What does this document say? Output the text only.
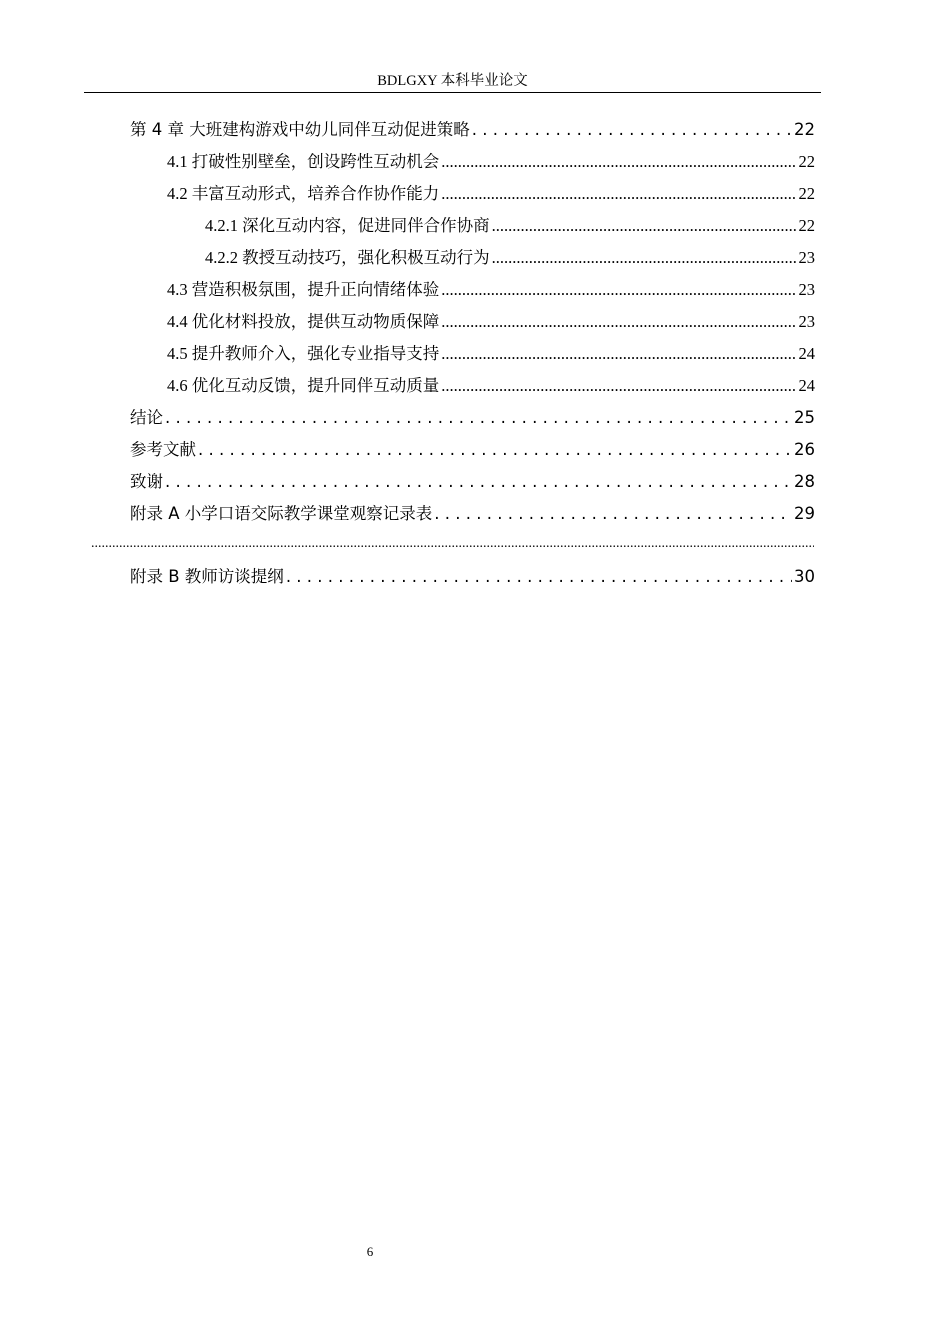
BDLGXY 本科毕业论文
第 4 章 大班建构游戏中幼儿同伴互动促进策略 . . .	22
4.1 打破性别壁垒，创设跨性互动机会 .....	22
4.2 丰富互动形式，培养合作协作能力 .....	22
4.2.1 深化互动内容，促进同伴合作协商 .....	22
4.2.2 教授互动技巧，强化积极互动行为 .....	23
4.3 营造积极氛围，提升正向情绪体验 .....	23
4.4 优化材料投放，提供互动物质保障 .....	23
4.5 提升教师介入，强化专业指导支持 .....	24
4.6 优化互动反馈，提升同伴互动质量 .....	24
结论 . . .	25
参考文献 . . .	26
致谢 . . .	28
附录 A 小学口语交际教学课堂观察记录表 . . .	29
.....
附录 B 教师访谈提纲 . . .	30
6
